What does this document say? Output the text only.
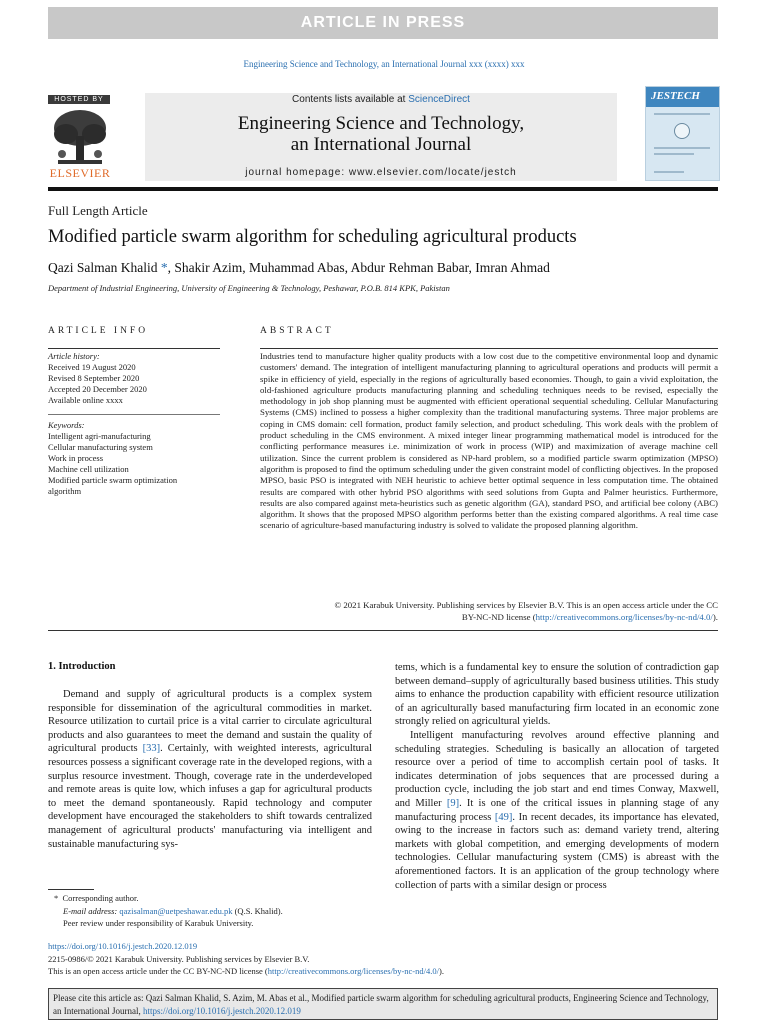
ARTICLE IN PRESS
Engineering Science and Technology, an International Journal xxx (xxxx) xxx
HOSTED BY
ELSEVIER
Contents lists available at ScienceDirect
Engineering Science and Technology,
an International Journal
journal homepage: www.elsevier.com/locate/jestch
JESTECH
Full Length Article
Modified particle swarm algorithm for scheduling agricultural products
Qazi Salman Khalid *, Shakir Azim, Muhammad Abas, Abdur Rehman Babar, Imran Ahmad
Department of Industrial Engineering, University of Engineering & Technology, Peshawar, P.O.B. 814 KPK, Pakistan
ARTICLE INFO
Article history:
Received 19 August 2020
Revised 8 September 2020
Accepted 20 December 2020
Available online xxxx
Keywords:
Intelligent agri-manufacturing
Cellular manufacturing system
Work in process
Machine cell utilization
Modified particle swarm optimization
algorithm
ABSTRACT
Industries tend to manufacture higher quality products with a low cost due to the competitive environmental loop and dynamic customers' demand. The integration of intelligent manufacturing planning to agricultural operations and products will permit a spike in efficiency of yield, especially in the regions of agriculturally based economies. Though, to gain a vivid exploitation, the old-fashioned agriculture products manufacturing planning and scheduling techniques needs to be revised, especially the methodology in job shop planning must be augmented with efficient operational sequential scheduling. Cellular Manufacturing Systems (CMS) inclined to possess a higher complexity than the traditional manufacturing systems. Three major problems are coping in CMS domain: cell formation, product family selection, and product scheduling. This work deals with the problem of product scheduling in the CMS environment. A mixed integer linear programming mathematical model is introduced for the conflicting performance measures i.e. minimization of work in process (WIP) and maximization of average machine cell utilization. Since the current problem is considered as NP-hard problem, so a modified particle swarm optimization (MPSO) algorithm is proposed to find the optimum scheduling under the given constraint model of conflicting objectives. In the proposed MPSO, basic PSO is integrated with NEH heuristic to achieve better optimal sequence in less computation time. The obtained results are compared with other hybrid PSO algorithms with seed solutions from Gupta and Palmer heuristics. Furthermore, results are also compared against meta-heuristics such as genetic algorithm (GA), standard PSO, and artificial bee colony (ABC) algorithm. It shows that the proposed MPSO algorithm performs better than the existing compared algorithms. A real time case scenario of agriculture-based manufacturing industry is solved to validate the proposed planning algorithm.
© 2021 Karabuk University. Publishing services by Elsevier B.V. This is an open access article under the CC
BY-NC-ND license (http://creativecommons.org/licenses/by-nc-nd/4.0/).
1. Introduction

Demand and supply of agricultural products is a complex system responsible for dissemination of the agricultural commodities in market. Resource utilization to curtail price is a vital carrier to circulate agricultural products and also guarantees to meet the demand and sustain the quality of agricultural products [33]. Certainly, with weighted interests, agricultural resources possess a significant coverage rate in the developed regions, with a surplus resource investment. Though, coverage rate in the underdeveloped and remote areas is quite low, which infuses a gap for agricultural products to meet the demand spontaneously. Rapid technology and computer development have encouraged the stakeholders to shift towards centralized management of agricultural products' manufacturing via intelligent and sustainable manufacturing sys-

tems, which is a fundamental key to ensure the solution of contradiction gap between demand–supply of agriculturally based business utilities. This study aims to enhance the production capability with efficient resource utilization of an agriculturally based manufacturing firm located in an economic zone strongly relied on agricultural yields.

Intelligent manufacturing revolves around effective planning and scheduling strategies. Scheduling is basically an allocation of targeted resource over a period of time to accomplish certain pool of tasks. It indicates determination of jobs sequences that are processed during a production cycle, including the job start and end times Conway, Maxwell, and Miller [9]. It is one of the critical issues in planning stage of any manufacturing process [49]. In recent decades, its importance has elevated, owing to the increase in factors such as: demand variety trend, altering markets with global competition, and emerging developments of modern technologies. Cellular manufacturing system (CMS) is abreast with the aforementioned factors. It is an application of the group technology where collection of parts with a similar design or process

* Corresponding author.
E-mail address: qazisalman@uetpeshawar.edu.pk (Q.S. Khalid).
Peer review under responsibility of Karabuk University.
https://doi.org/10.1016/j.jestch.2020.12.019
2215-0986/© 2021 Karabuk University. Publishing services by Elsevier B.V.
This is an open access article under the CC BY-NC-ND license (http://creativecommons.org/licenses/by-nc-nd/4.0/).
Please cite this article as: Qazi Salman Khalid, S. Azim, M. Abas et al., Modified particle swarm algorithm for scheduling agricultural products, Engineering Science and Technology, an International Journal, https://doi.org/10.1016/j.jestch.2020.12.019
